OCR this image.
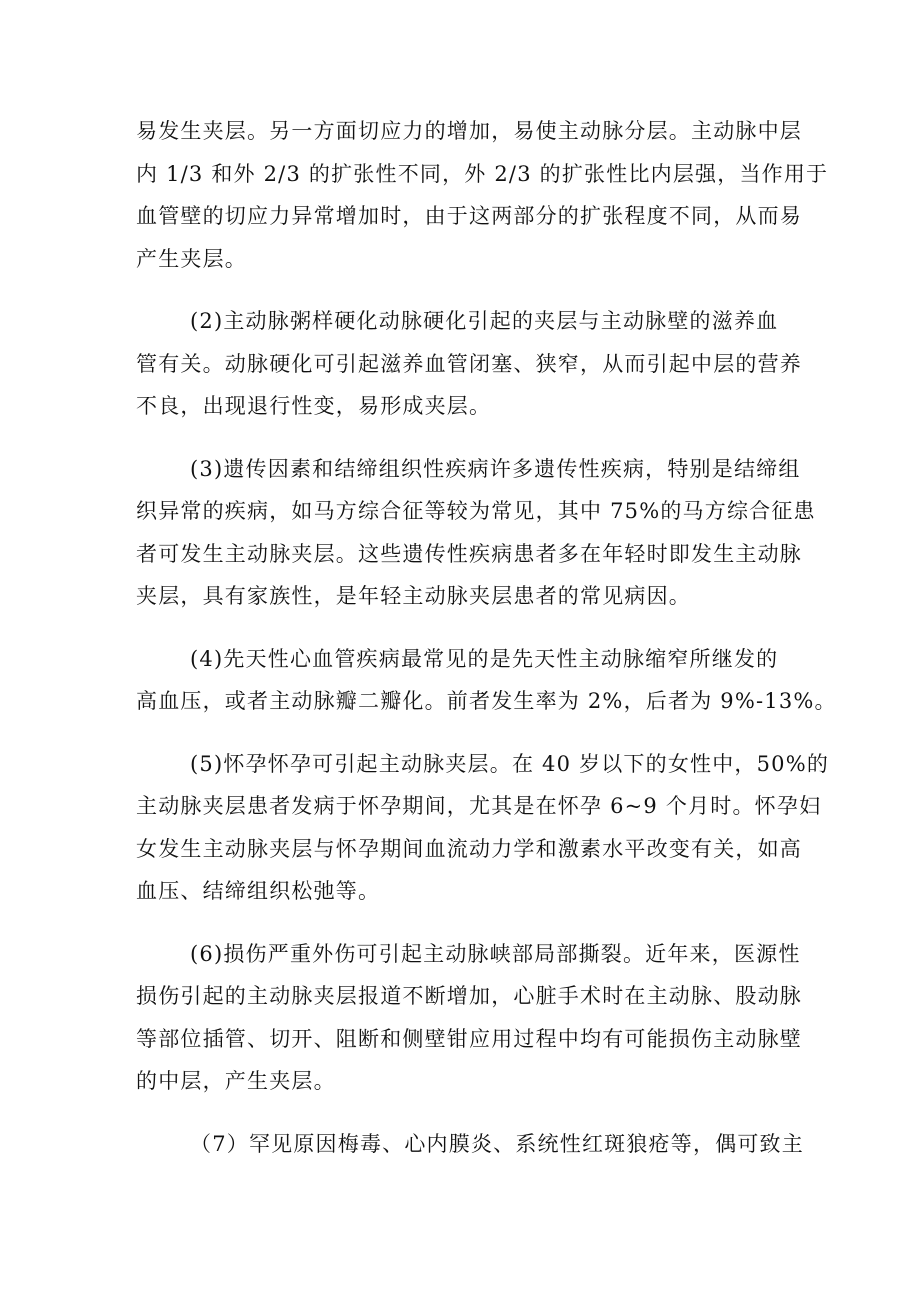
易发生夹层。另一方面切应力的增加，易使主动脉分层。主动脉中层
内 1/3 和外 2/3 的扩张性不同，外 2/3 的扩张性比内层强，当作用于
血管壁的切应力异常增加时，由于这两部分的扩张程度不同，从而易
产生夹层。
(2)主动脉粥样硬化动脉硬化引起的夹层与主动脉壁的滋养血
管有关。动脉硬化可引起滋养血管闭塞、狭窄，从而引起中层的营养
不良，出现退行性变，易形成夹层。
(3)遗传因素和结缔组织性疾病许多遗传性疾病，特别是结缔组
织异常的疾病，如马方综合征等较为常见，其中 75%的马方综合征患
者可发生主动脉夹层。这些遗传性疾病患者多在年轻时即发生主动脉
夹层，具有家族性，是年轻主动脉夹层患者的常见病因。
(4)先天性心血管疾病最常见的是先天性主动脉缩窄所继发的
高血压，或者主动脉瓣二瓣化。前者发生率为 2%，后者为 9%-13%。
(5)怀孕怀孕可引起主动脉夹层。在 40 岁以下的女性中，50%的
主动脉夹层患者发病于怀孕期间，尤其是在怀孕 6~9 个月时。怀孕妇
女发生主动脉夹层与怀孕期间血流动力学和激素水平改变有关，如高
血压、结缔组织松弛等。
(6)损伤严重外伤可引起主动脉峡部局部撕裂。近年来，医源性
损伤引起的主动脉夹层报道不断增加，心脏手术时在主动脉、股动脉
等部位插管、切开、阻断和侧壁钳应用过程中均有可能损伤主动脉壁
的中层，产生夹层。
（7）罕见原因梅毒、心内膜炎、系统性红斑狼疮等，偶可致主
